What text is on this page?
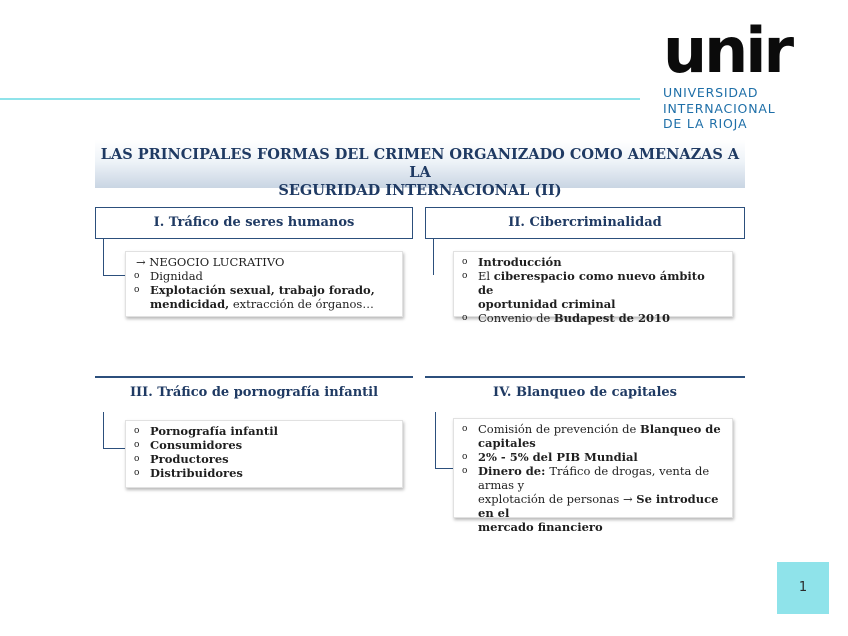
unir
UNIVERSIDAD
INTERNACIONAL
DE LA RIOJA
LAS PRINCIPALES FORMAS DEL CRIMEN ORGANIZADO COMO AMENAZAS A LA
SEGURIDAD INTERNACIONAL (II)
I. Tráfico de seres humanos
→ NEGOCIO LUCRATIVO
o Dignidad
o Explotación sexual, trabajo forado,
mendicidad, extracción de órganos…
II. Cibercriminalidad
o Introducción
o El ciberespacio como nuevo ámbito de
oportunidad criminal
o Convenio de Budapest de 2010
III. Tráfico de pornografía infantil
o Pornografía infantil
o Consumidores
o Productores
o Distribuidores
IV. Blanqueo de capitales
o Comisión de prevención de Blanqueo de
capitales
o 2% - 5% del PIB Mundial
o Dinero de: Tráfico de drogas, venta de armas y
explotación de personas → Se introduce en el
mercado financiero
1
